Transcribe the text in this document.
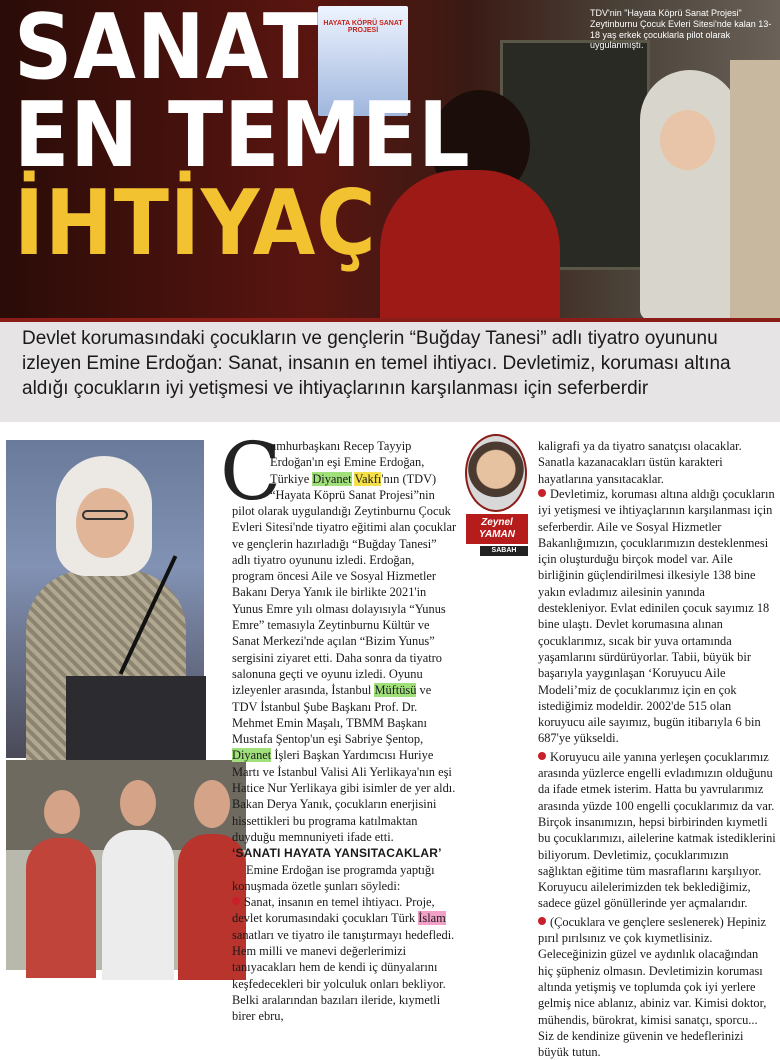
HAYATA KÖPRÜ SANAT PROJESİ
SANAT
EN TEMEL
İHTİYAÇ
TDV'nin "Hayata Köprü Sanat Projesi" Zeytinburnu Çocuk Evleri Sitesi'nde kalan 13-18 yaş erkek çocuklarla pilot olarak uygulanmıştı.

Devlet korumasındaki çocukların ve gençlerin “Buğday Tanesi” adlı tiyatro oyununu izleyen Emine Erdoğan: Sanat, insanın en temel ihtiyacı. Devletimiz, koruması altına aldığı çocukların iyi yetişmesi ve ihtiyaçlarının karşılanması için seferberdir

Zeynel
YAMAN
SABAH
C

umhurbaşkanı Recep Tayyip

Erdoğan'ın eşi Emine Erdoğan,

Türkiye Diyanet Vakfı'nın (TDV)

“Hayata Köprü Sanat Projesi”nin

pilot olarak uygulandığı Zeytinburnu Çocuk Evleri Sitesi'nde tiyatro eğitimi alan çocuklar ve gençlerin hazırladığı “Buğday Tanesi” adlı tiyatro oyununu izledi. Erdoğan, program öncesi Aile ve Sosyal Hizmetler Bakanı Derya Yanık ile birlikte 2021'in Yunus Emre yılı olması dolayısıyla “Yunus Emre” temasıyla Zeytinburnu Kültür ve Sanat Merkezi'nde açılan “Bizim Yunus” sergisini ziyaret etti. Daha sonra da tiyatro salonuna geçti ve oyunu izledi. Oyunu izleyenler arasında, İstanbul Müftüsü ve TDV İstanbul Şube Başkanı Prof. Dr. Mehmet Emin Maşalı, TBMM Başkanı Mustafa Şentop'un eşi Sabriye Şentop, Diyanet İşleri Başkan Yardımcısı Huriye Martı ve İstanbul Valisi Ali Yerlikaya'nın eşi Hatice Nur Yerlikaya gibi isimler de yer aldı. Bakan Derya Yanık, çocukların enerjisini hissettikleri bu programa katılmaktan duyduğu memnuniyeti ifade etti.

‘SANATI HAYATA YANSITACAKLAR’

Emine Erdoğan ise programda yaptığı konuşmada özetle şunları söyledi:

Sanat, insanın en temel ihtiyacı. Proje, devlet korumasındaki çocukları Türk İslam sanatları ve tiyatro ile tanıştırmayı hedefledi. Hem milli ve manevi değerlerimizi tanıyacakları hem de kendi iç dünyalarını keşfedecekleri bir yolculuk onları bekliyor. Belki aralarından bazıları ileride, kıymetli birer ebru,

kaligrafi ya da tiyatro sanatçısı olacaklar. Sanatla kazanacakları üstün karakteri hayatlarına yansıtacaklar.

Devletimiz, koruması altına aldığı çocukların iyi yetişmesi ve ihtiyaçlarının karşılanması için seferberdir. Aile ve Sosyal Hizmetler Bakanlığımızın, çocuklarımızın desteklenmesi için oluşturduğu birçok model var. Aile birliğinin güçlendirilmesi ilkesiyle 138 bine yakın evladımız ailesinin yanında destekleniyor. Evlat edinilen çocuk sayımız 18 bine ulaştı. Devlet korumasına alınan çocuklarımız, sıcak bir yuva ortamında yaşamlarını sürdürüyorlar. Tabii, büyük bir başarıyla yaygınlaşan ‘Koruyucu Aile Modeli’miz de çocuklarımız için en çok istediğimiz modeldir. 2002'de 515 olan koruyucu aile sayımız, bugün itibarıyla 6 bin 687'ye yükseldi.

Koruyucu aile yanına yerleşen çocuklarımız arasında yüzlerce engelli evladımızın olduğunu da ifade etmek isterim. Hatta bu yavrularımız arasında yüzde 100 engelli çocuklarımız da var. Birçok insanımızın, hepsi birbirinden kıymetli bu çocuklarımızı, ailelerine katmak istediklerini biliyorum. Devletimiz, çocuklarımızın sağlıktan eğitime tüm masraflarını karşılıyor. Koruyucu ailelerimizden tek beklediğimiz, sadece güzel gönüllerinde yer açmalarıdır.

(Çocuklara ve gençlere seslenerek) Hepiniz pırıl pırılsınız ve çok kıymetlisiniz. Geleceğinizin güzel ve aydınlık olacağından hiç şüpheniz olmasın. Devletimizin koruması altında yetişmiş ve toplumda çok iyi yerlere gelmiş nice ablanız, abiniz var. Kimisi doktor, mühendis, bürokrat, kimisi sanatçı, sporcu... Siz de kendinize güvenin ve hedeflerinizi büyük tutun.
